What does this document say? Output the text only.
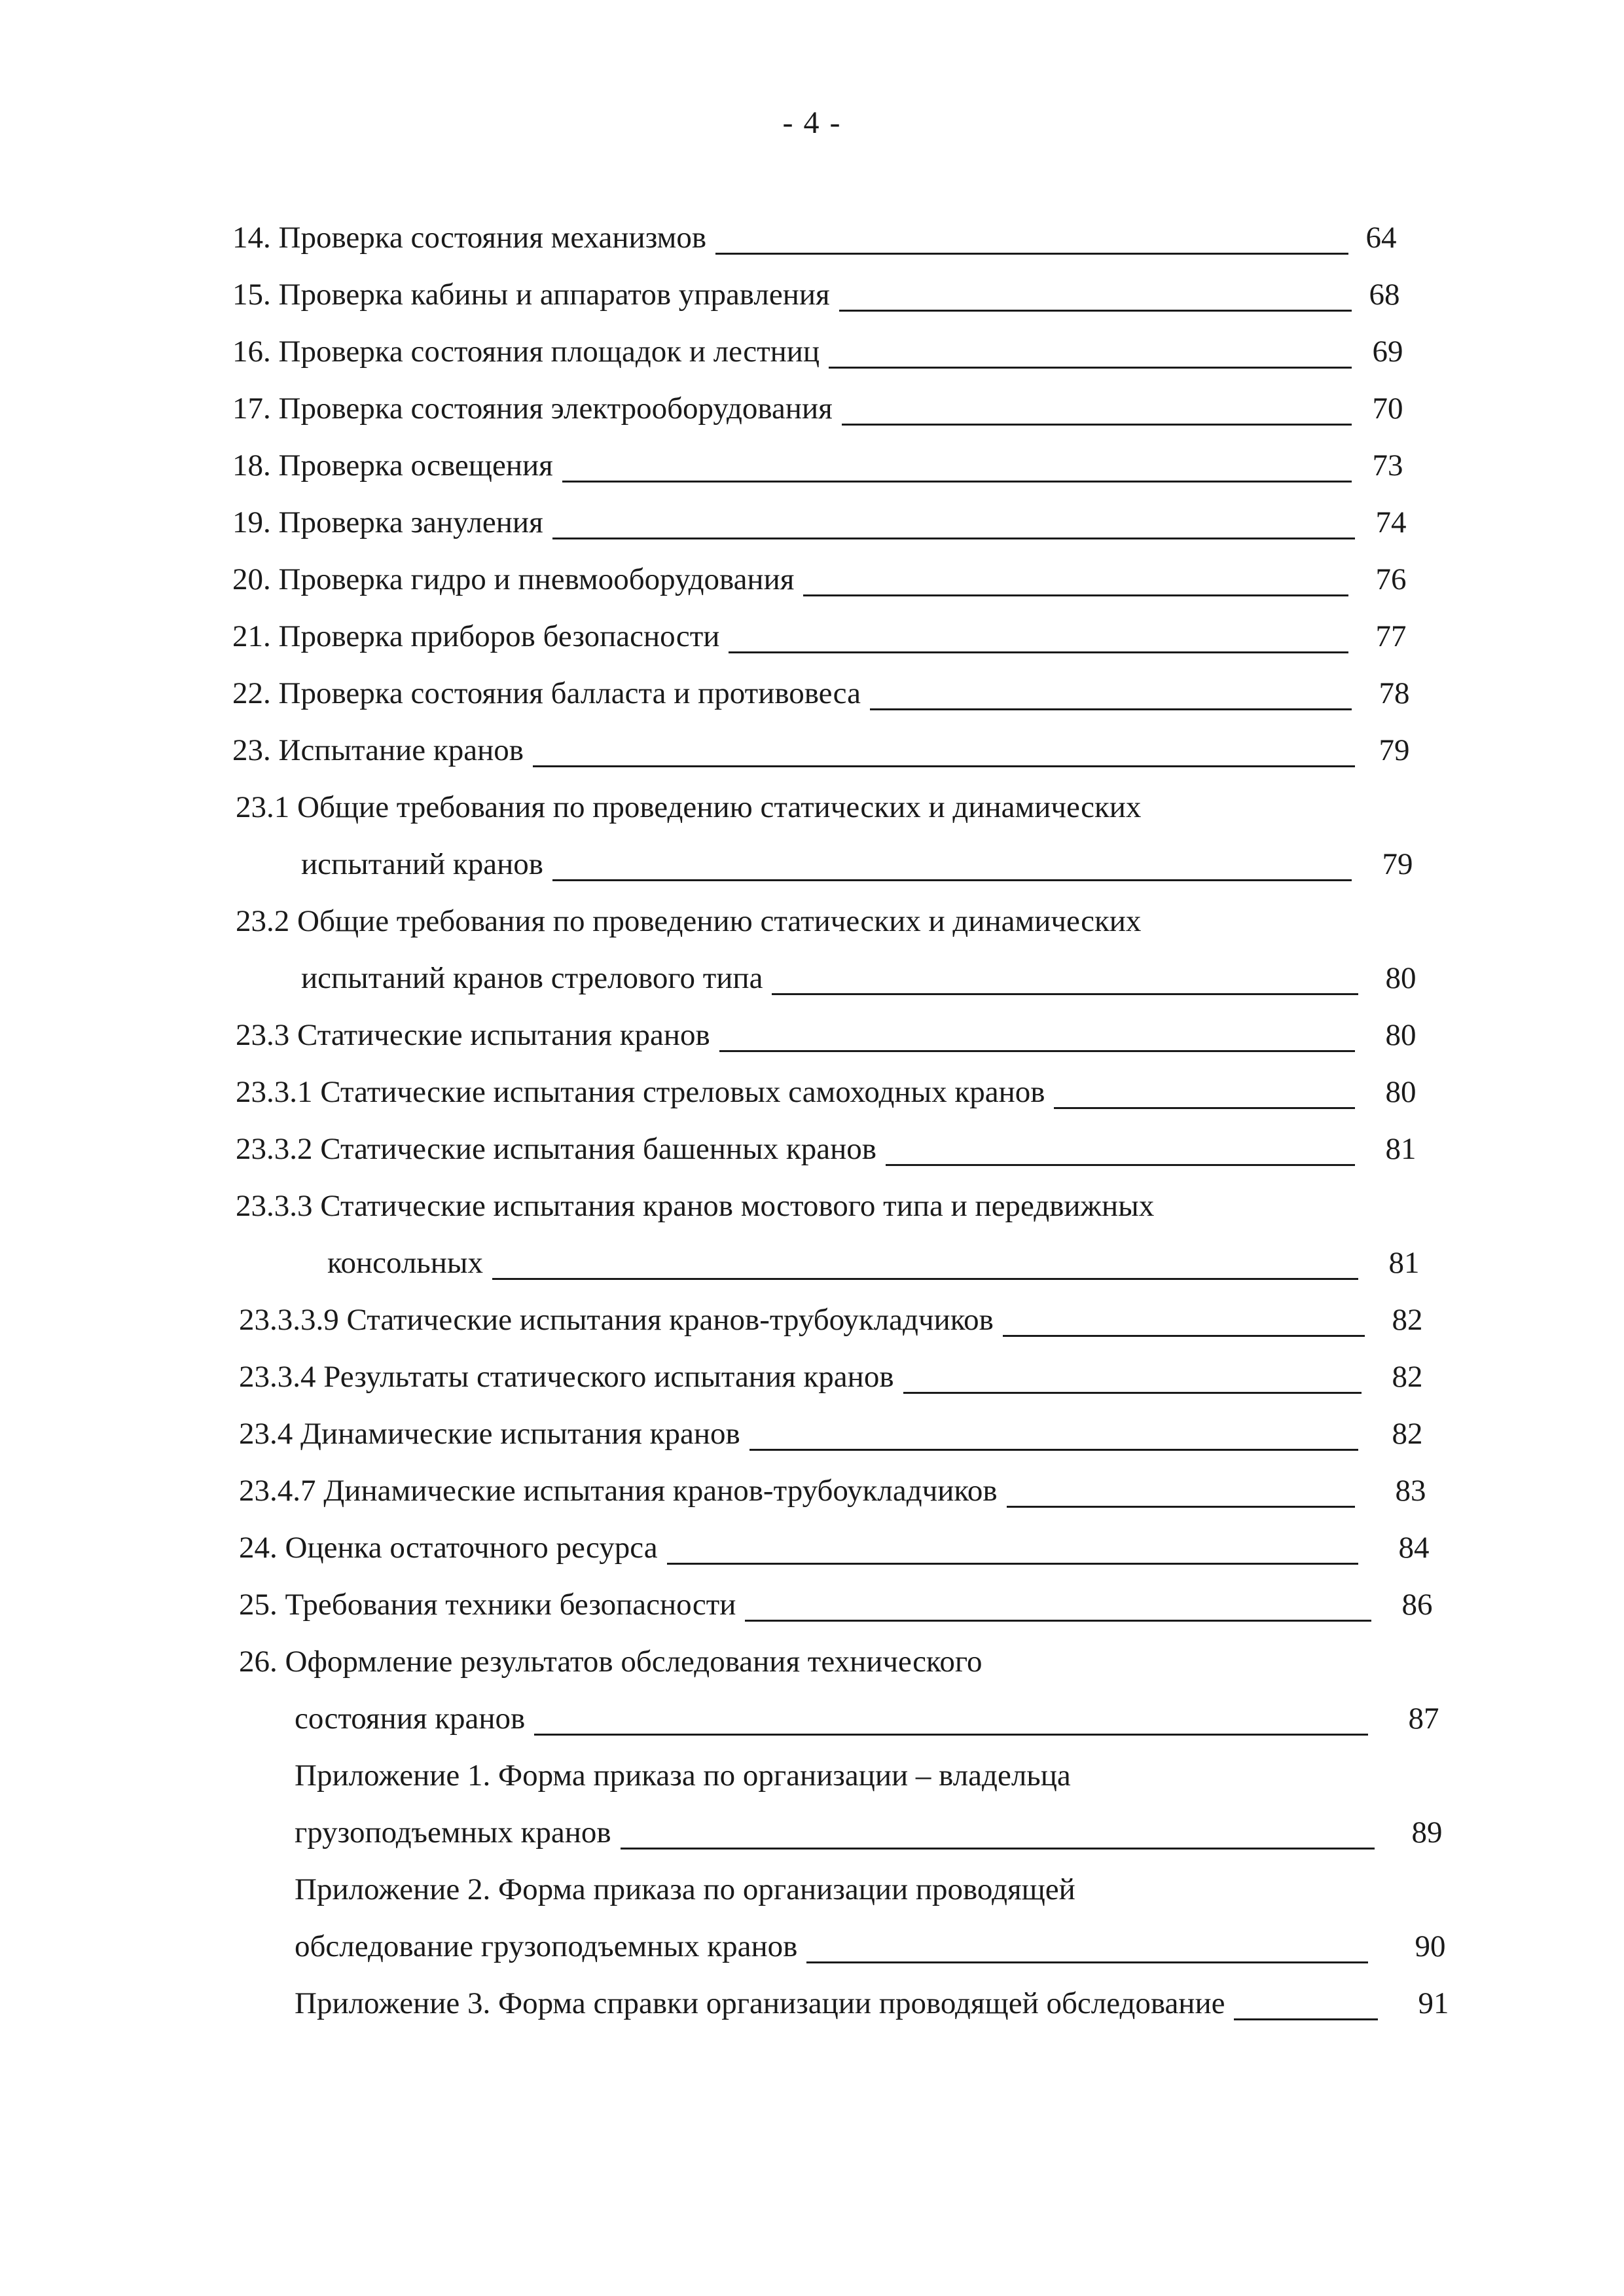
- 4 -
14. Проверка состояния механизмов	64
15. Проверка кабины и аппаратов управления	68
16. Проверка состояния площадок и лестниц	69
17. Проверка состояния электрооборудования	70
18. Проверка освещения	73
19. Проверка зануления	74
20. Проверка гидро и пневмооборудования	76
21. Проверка приборов безопасности	77
22. Проверка состояния балласта и противовеса	78
23. Испытание кранов	79
23.1 Общие требования по проведению статических и динамических
испытаний кранов	79
23.2 Общие требования по проведению статических и динамических
испытаний кранов стрелового типа	80
23.3 Статические испытания кранов	80
23.3.1 Статические испытания стреловых самоходных кранов	80
23.3.2 Статические испытания башенных кранов	81
23.3.3 Статические испытания кранов мостового типа и передвижных
консольных	81
23.3.3.9 Статические испытания кранов-трубоукладчиков	82
23.3.4 Результаты статического испытания кранов	82
23.4 Динамические испытания кранов	82
23.4.7 Динамические испытания кранов-трубоукладчиков	83
24. Оценка остаточного ресурса	84
25. Требования техники безопасности	86
26. Оформление результатов обследования технического
состояния кранов	87
Приложение 1. Форма приказа по организации – владельца
грузоподъемных кранов	89
Приложение 2. Форма приказа по организации проводящей
обследование грузоподъемных кранов	90
Приложение 3. Форма справки организации проводящей обследование	91
